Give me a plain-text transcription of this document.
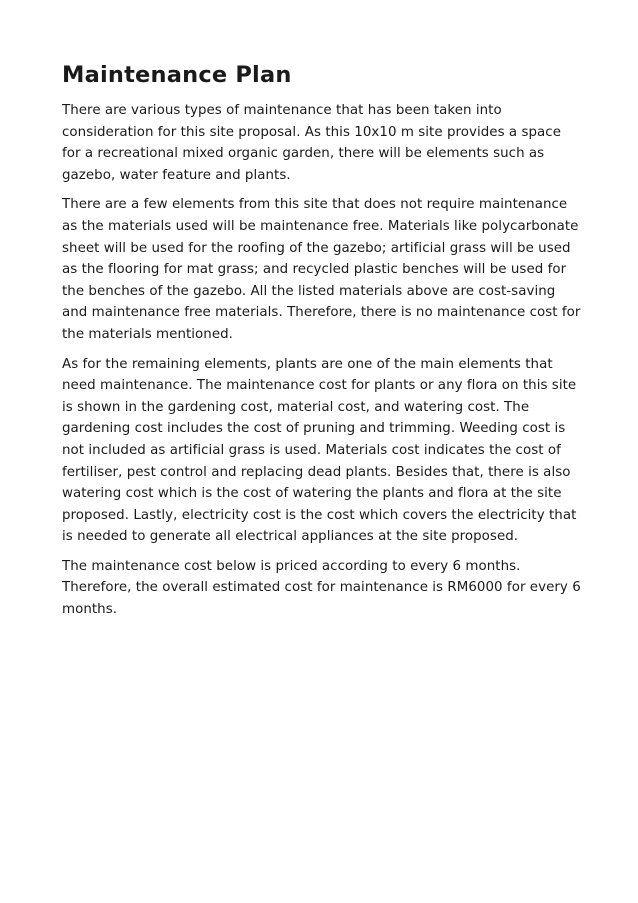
Maintenance Plan

There are various types of maintenance that has been taken into consideration for this site proposal. As this 10x10 m site provides a space for a recreational mixed organic garden, there will be elements such as gazebo, water feature and plants.

There are a few elements from this site that does not require maintenance as the materials used will be maintenance free. Materials like polycarbonate sheet will be used for the roofing of the gazebo; artificial grass will be used as the flooring for mat grass; and recycled plastic benches will be used for the benches of the gazebo. All the listed materials above are cost-saving and maintenance free materials. Therefore, there is no maintenance cost for the materials mentioned.

As for the remaining elements, plants are one of the main elements that need maintenance. The maintenance cost for plants or any flora on this site is shown in the gardening cost, material cost, and watering cost. The gardening cost includes the cost of pruning and trimming. Weeding cost is not included as artificial grass is used. Materials cost indicates the cost of fertiliser, pest control and replacing dead plants. Besides that, there is also watering cost which is the cost of watering the plants and flora at the site proposed. Lastly, electricity cost is the cost which covers the electricity that is needed to generate all electrical appliances at the site proposed.

The maintenance cost below is priced according to every 6 months. Therefore, the overall estimated cost for maintenance is RM6000 for every 6 months.
